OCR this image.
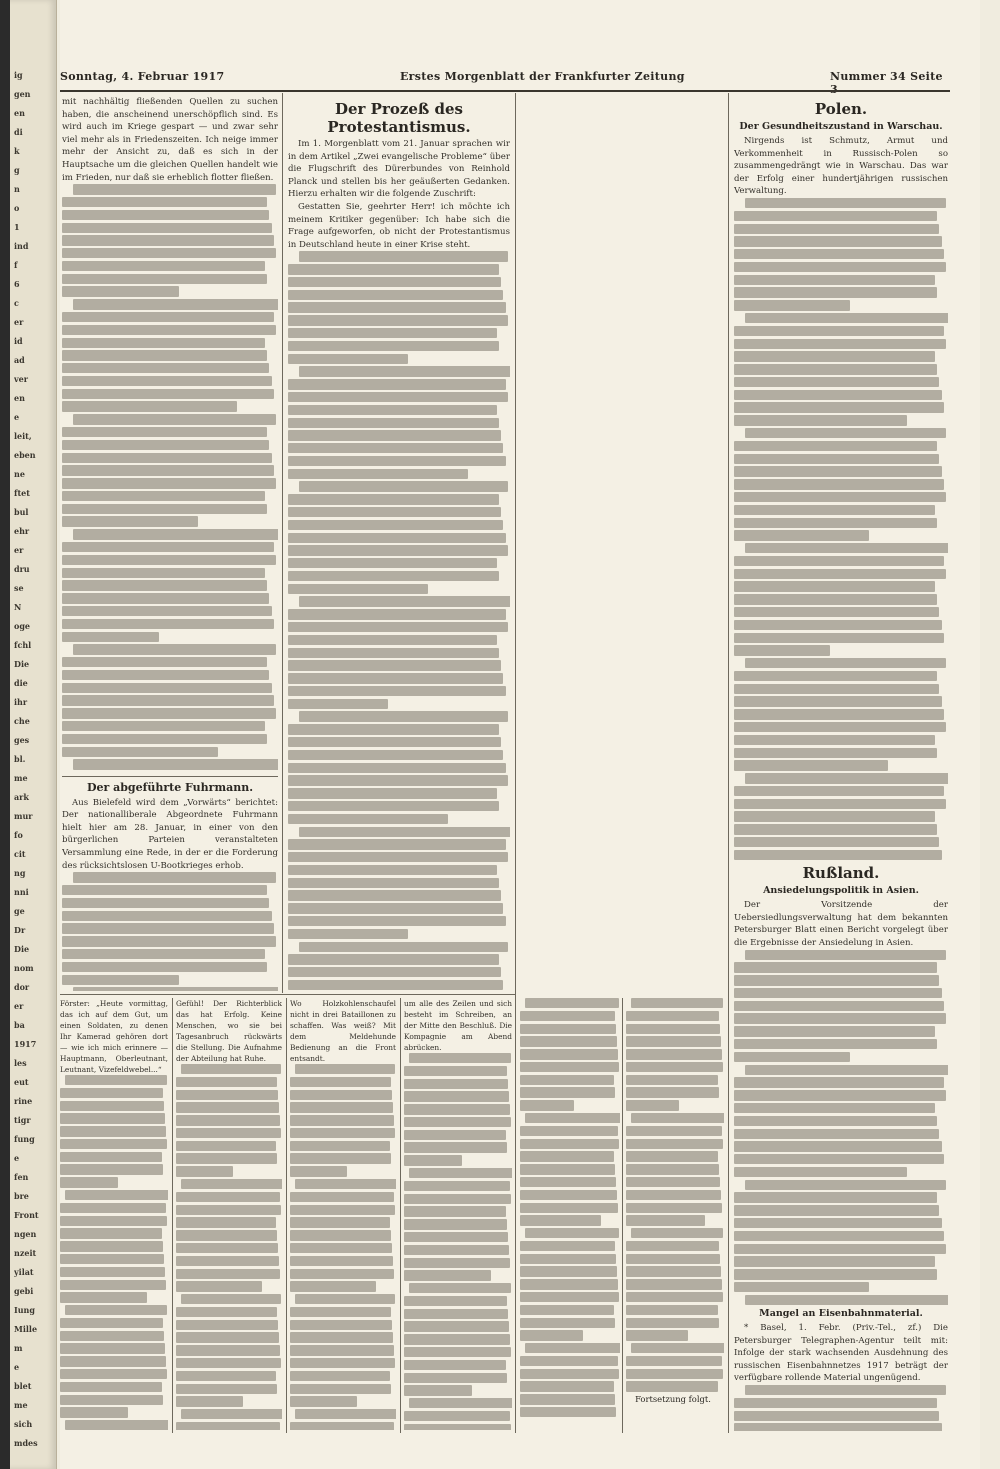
ig
gen
en
di
k
g
n
o
1
ind
f
6
c
er
id
ad
ver
en
e
leit,
eben
ne
ftet
bul
ehr
er
dru
se
N
oge
fchl
Die
die
ihr
che
ges
bl.
me
ark
mur
fo
cit
ng
nni
ge
Dr
Die
nom
dor
er
ba
1917
les
eut
rine
tigr
fung
e
fen
bre
Front
ngen
nzeit
yilat
gebi
Iung
Mille
m
e
blet
me
sich
mdes
Sonntag, 4. Februar 1917	Erstes Morgenblatt der Frankfurter Zeitung	Nummer 34 Seite 3

mit nachhältig fließenden Quellen zu suchen haben, die anscheinend unerschöpflich sind. Es wird auch im Kriege gespart — und zwar sehr viel mehr als in Friedenszeiten. Ich neige immer mehr der Ansicht zu, daß es sich in der Hauptsache um die gleichen Quellen handelt wie im Frieden, nur daß sie erheblich flotter fließen.

Der abgeführte Fuhrmann.

Aus Bielefeld wird dem „Vorwärts“ berichtet: Der nationalliberale Abgeordnete Fuhrmann hielt hier am 28. Januar, in einer von den bürgerlichen Parteien veranstalteten Versammlung eine Rede, in der er die Forderung des rücksichtslosen U-Bootkrieges erhob.

Der Prozeß des Protestantismus.

Im 1. Morgenblatt vom 21. Januar sprachen wir in dem Artikel „Zwei evangelische Probleme“ über die Flugschrift des Dürerbundes von Reinhold Planck und stellen bis her geäußerten Gedanken. Hierzu erhalten wir die folgende Zuschrift:

Gestatten Sie, geehrter Herr! ich möchte ich meinem Kritiker gegenüber: Ich habe sich die Frage aufgeworfen, ob nicht der Protestantismus in Deutschland heute in einer Krise steht.

Polen.
Der Gesundheitszustand in Warschau.

Nirgends ist Schmutz, Armut und Verkommenheit in Russisch-Polen so zusammengedrängt wie in Warschau. Das war der Erfolg einer hundertjährigen russischen Verwaltung.

Rußland.
Ansiedelungspolitik in Asien.

Der Vorsitzende der Uebersiedlungsverwaltung hat dem bekannten Petersburger Blatt einen Bericht vorgelegt über die Ergebnisse der Ansiedelung in Asien.

Mangel an Eisenbahnmaterial.

* Basel, 1. Febr. (Priv.-Tel., zf.) Die Petersburger Telegraphen-Agentur teilt mit: Infolge der stark wachsenden Ausdehnung des russischen Eisenbahnnetzes 1917 beträgt der verfügbare rollende Material ungenügend.

Förster: „Heute vormittag, das ich auf dem Gut, um einen Soldaten, zu denen Ihr Kamerad gehören dort — wie ich mich erinnere — Hauptmann, Oberleutnant, Leutnant, Vizefeldwebel...“

Gefühl! Der Richterblick das hat Erfolg. Keine Menschen, wo sie bei Tagesanbruch rückwärts die Stellung. Die Aufnahme der Abteilung hat Ruhe.

Wo Holzkohlenschaufel nicht in drei Bataillonen zu schaffen. Was weiß? Mit dem Meldehunde Bedienung an die Front entsandt.

um alle des Zeilen und sich besteht im Schreiben, an der Mitte den Beschluß. Die Kompagnie am Abend abrücken.

Fortsetzung folgt.
